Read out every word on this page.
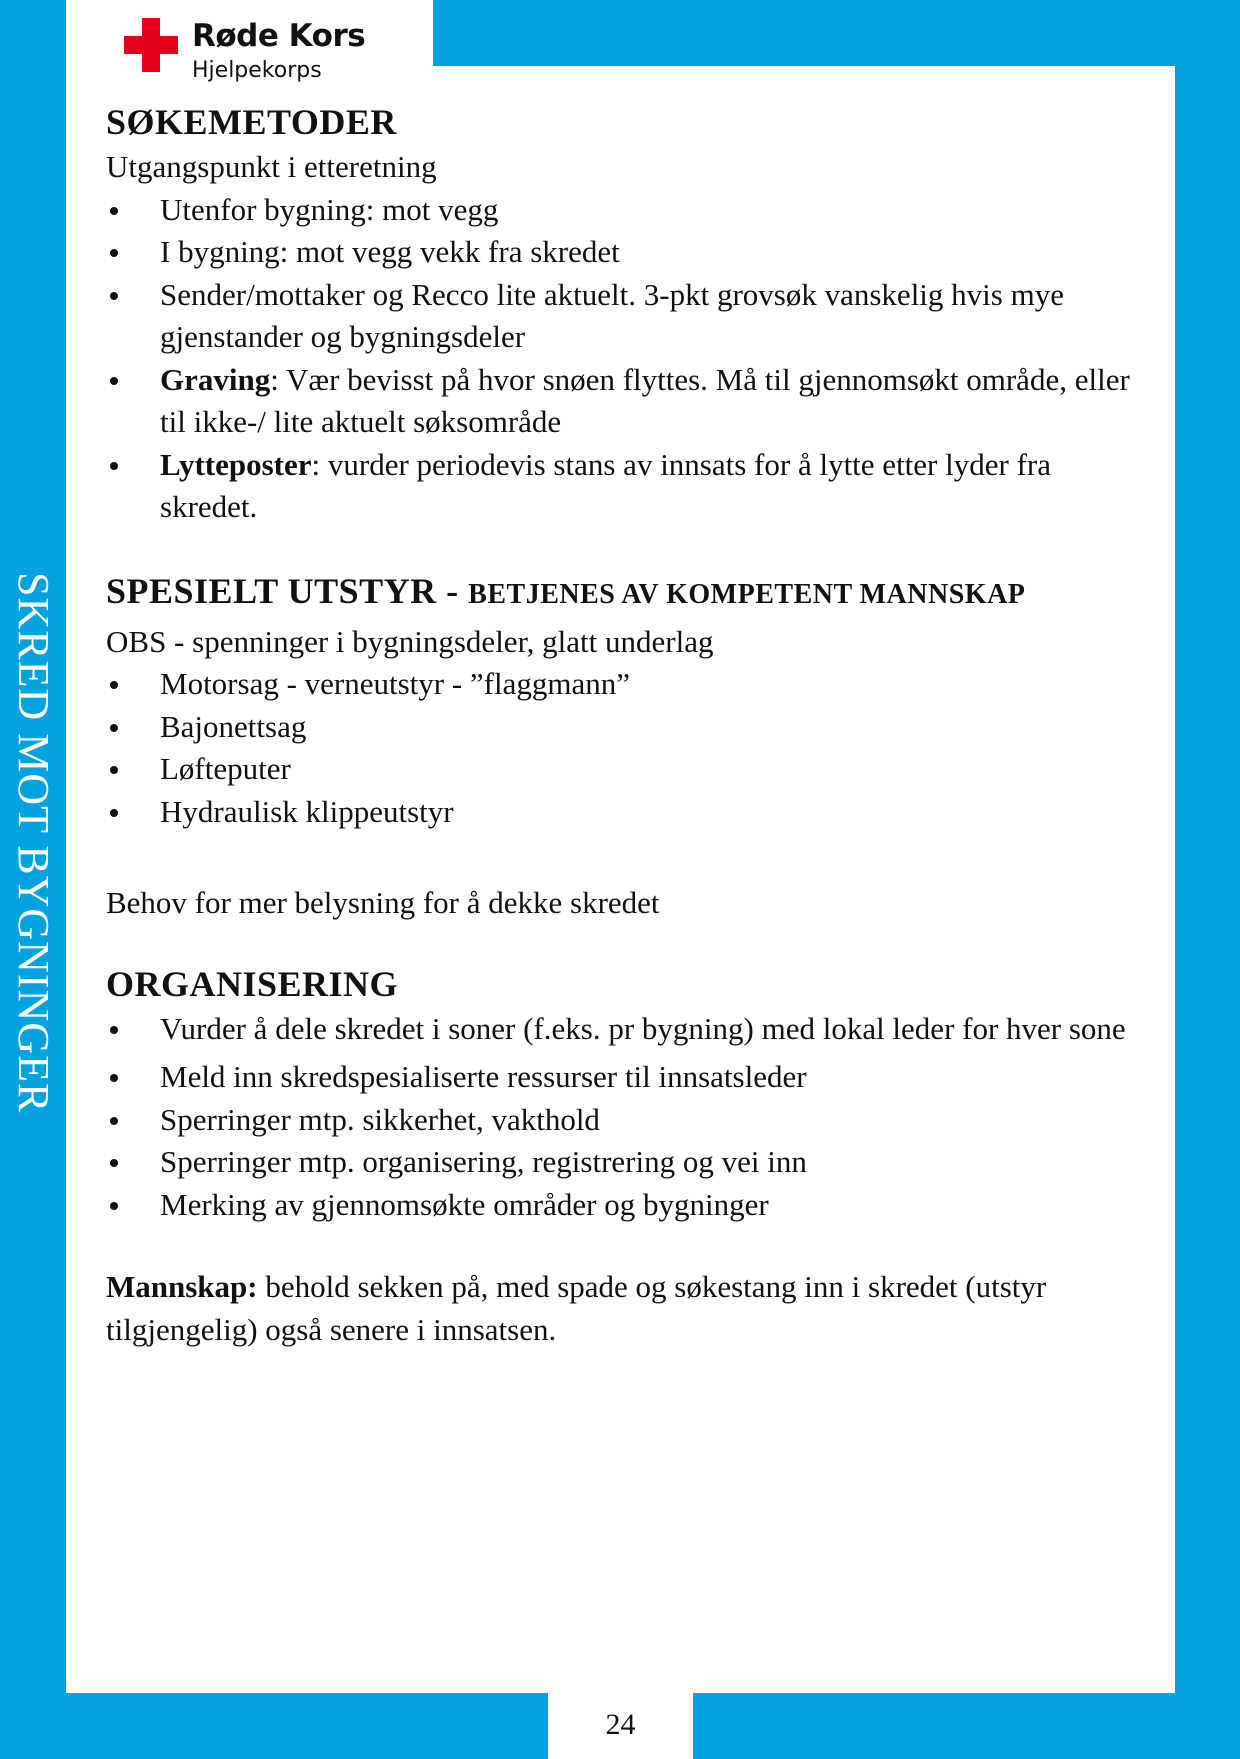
SKRED MOT BYGNINGER
Røde Kors
Hjelpekorps
SØKEMETODER

Utgangspunkt i etteretning

Utenfor bygning: mot vegg
I bygning: mot vegg vekk fra skredet
Sender/mottaker og Recco lite aktuelt. 3-pkt grovsøk vanskelig hvis mye gjenstander og bygningsdeler
Graving: Vær bevisst på hvor snøen flyttes. Må til gjennomsøkt område, eller til ikke-/ lite aktuelt søksområde
Lytteposter: vurder periodevis stans av innsats for å lytte etter lyder fra skredet.
SPESIELT UTSTYR - BETJENES AV KOMPETENT MANNSKAP

OBS - spenninger i bygningsdeler, glatt underlag

Motorsag - verneutstyr - ”flaggmann”
Bajonettsag
Løfteputer
Hydraulisk klippeutstyr

Behov for mer belysning for å dekke skredet

ORGANISERING
Vurder å dele skredet i soner (f.eks. pr bygning) med lokal leder for hver sone
Meld inn skredspesialiserte ressurser til innsatsleder
Sperringer mtp. sikkerhet, vakthold
Sperringer mtp. organisering, registrering og vei inn
Merking av gjennomsøkte områder og bygninger

Mannskap: behold sekken på, med spade og søkestang inn i skredet (utstyr tilgjengelig) også senere i innsatsen.

24
